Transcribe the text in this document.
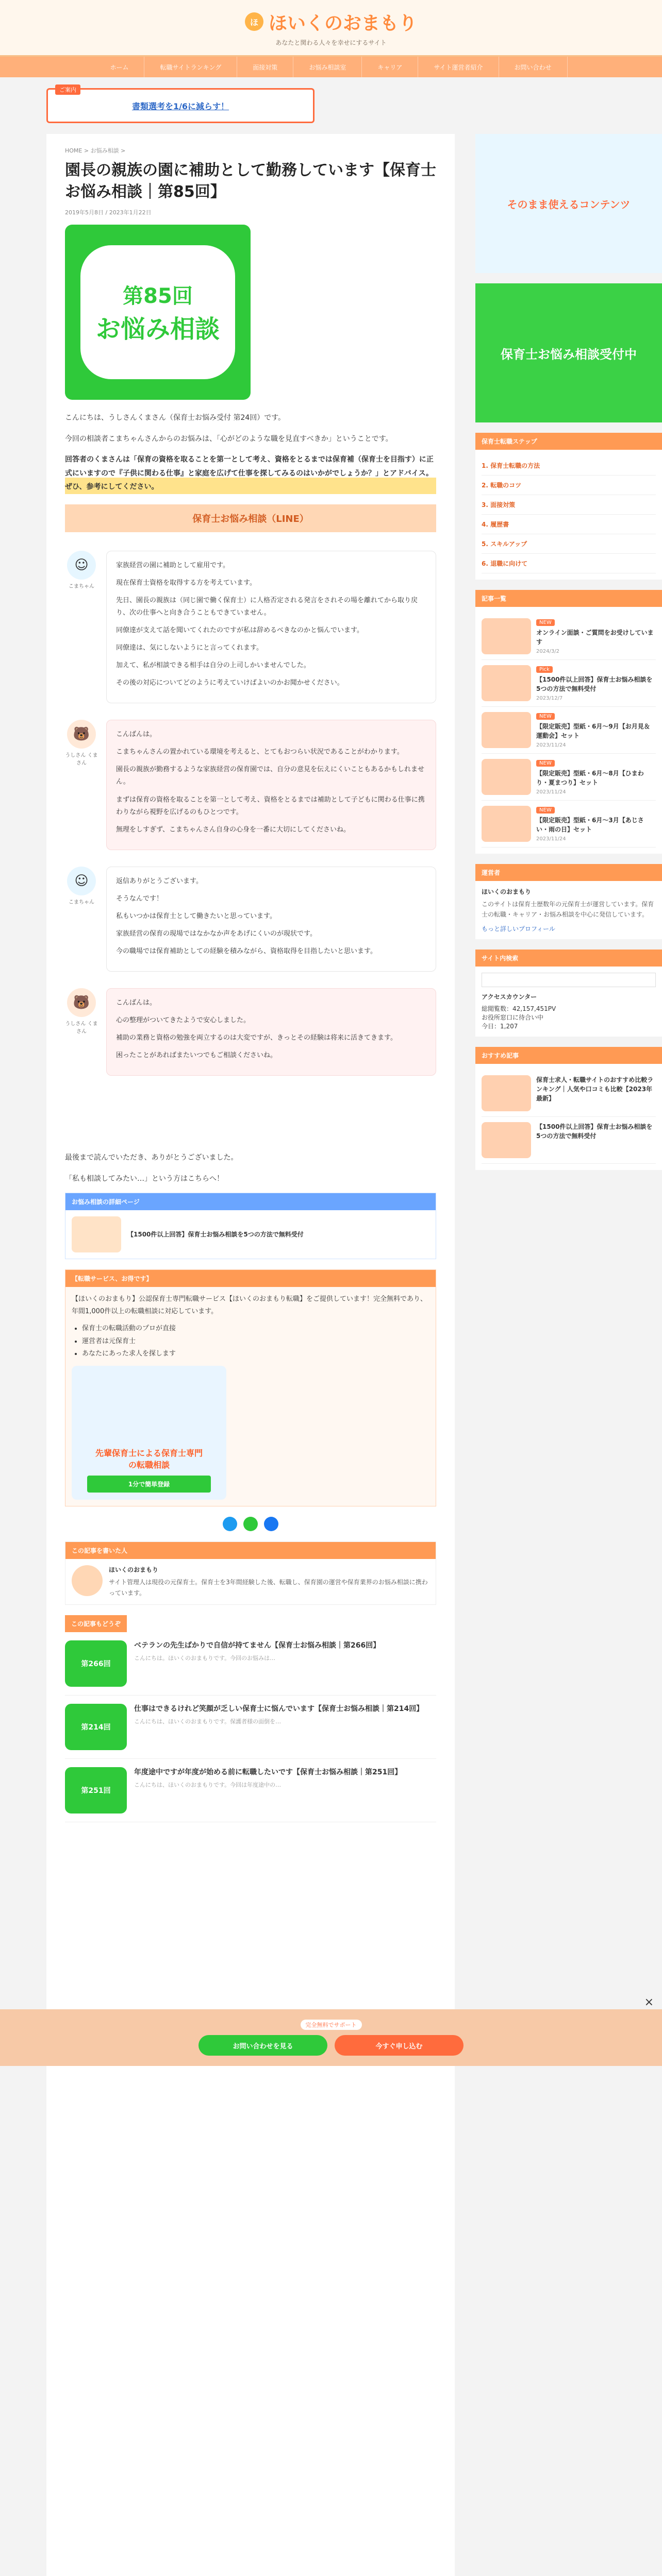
ほ ほいくのおまもり
あなたと関わる人々を幸せにするサイト
ホーム	転職サイトランキング	面接対策	お悩み相談室	キャリア	サイト運営者紹介	お問い合わせ
ご案内
書類選考を1/6に減らす！
HOME > お悩み相談 >
園長の親族の園に補助として勤務しています【保育士お悩み相談｜第85回】
2019年5月8日 / 2023年1月22日
第85回
お悩み相談

こんにちは、うしさんくまさん（保育士お悩み受付 第24回）です。

今回の相談者こまちゃんさんからのお悩みは、「心がどのような職を見直すべきか」ということです。

回答者のくまさんは「保育の資格を取ることを第一として考え、資格をとるまでは保育補（保育士を目指す）に正式にいますので『子供に関わる仕事』と家庭を広げて仕事を探してみるのはいかがでしょうか？」とアドバイス。ぜひ、参考にしてください。

保育士お悩み相談（LINE）
☺
こまちゃん

家族経営の園に補助として雇用です。

現在保育士資格を取得する方を考えています。

先日、園長の親族は（同じ園で働く保育士）に人格否定される発言をされその場を離れてから取り戻り、次の仕事へと向き合うこともできていません。

同僚達が支えて話を聞いてくれたのですが私は辞めるべきなのかと悩んでいます。

同僚達は、気にしないようにと言ってくれます。

加えて、私が相談できる相手は自分の上司しかいませんでした。

その後の対応についてどのように考えていけばよいのかお聞かせください。

🐻
うしさん くまさん

こんばんは。

こまちゃんさんの置かれている環境を考えると、とてもおつらい状況であることがわかります。

園長の親族が勤務するような家族経営の保育園では、自分の意見を伝えにくいこともあるかもしれません。

まずは保育の資格を取ることを第一として考え、資格をとるまでは補助として子どもに関わる仕事に携わりながら視野を広げるのもひとつです。

無理をしすぎず、こまちゃんさん自身の心身を一番に大切にしてくださいね。

☺
こまちゃん

返信ありがとうございます。

そうなんです！

私もいつかは保育士として働きたいと思っています。

家族経営の保育の現場ではなかなか声をあげにくいのが現状です。

今の職場では保育補助としての経験を積みながら、資格取得を目指したいと思います。

🐻
うしさん くまさん

こんばんは。

心の整理がついてきたようで安心しました。

補助の業務と資格の勉強を両立するのは大変ですが、きっとその経験は将来に活きてきます。

困ったことがあればまたいつでもご相談くださいね。

最後まで読んでいただき、ありがとうございました。

「私も相談してみたい…」という方はこちらへ！

お悩み相談の詳細ページ
【1500件以上回答】保育士お悩み相談を5つの方法で無料受付
【転職サービス、お得です】

【ほいくのおまもり】公認保育士専門転職サービス【ほいくのおまもり転職】をご提供しています！完全無料であり、年間1,000件以上の転職相談に対応しています。

• 保育士の転職活動のプロが直接
• 運営者は元保育士
• あなたにあった求人を探します
先輩保育士による保育士専門
の転職相談
1分で簡単登録
この記事を書いた人
ほいくのおまもり
サイト管理人は現役の元保育士。保育士を3年間経験した後、転職し、保育園の運営や保育業界のお悩み相談に携わっています。
この記事もどうぞ
第266回
ベテランの先生ばかりで自信が持てません【保育士お悩み相談｜第266回】
こんにちは。ほいくのおまもりです。今回のお悩みは…
第214回
仕事はできるけれど笑顔が乏しい保育士に悩んでいます【保育士お悩み相談｜第214回】
こんにちは、ほいくのおまもりです。保護者様の面倒を…
第251回
年度途中ですが年度が始める前に転職したいです【保育士お悩み相談｜第251回】
こんにちは、ほいくのおまもりです。今回は年度途中の…
そのまま使えるコンテンツ
保育士お悩み相談受付中
保育士転職ステップ
1. 保育士転職の方法
2. 転職のコツ
3. 面接対策
4. 履歴書
5. スキルアップ
6. 退職に向けて
記事一覧
NEW
オンライン面談・ご質問をお受けしています
2024/3/2
Pick
【1500件以上回答】保育士お悩み相談を5つの方法で無料受付
2023/12/7
NEW
【限定販売】型紙・6月〜9月【お月見＆運動会】セット
2023/11/24
NEW
【限定販売】型紙・6月〜8月【ひまわり・夏まつり】セット
2023/11/24
NEW
【限定販売】型紙・6月〜3月【あじさい・雨の日】セット
2023/11/24
運営者
ほいくのおまもり
このサイトは保育士歴数年の元保育士が運営しています。保育士の転職・キャリア・お悩み相談を中心に発信しています。
もっと詳しいプロフィール
サイト内検索
アクセスカウンター
総閲覧数：42,157,451PV
お役所窓口に待合い中
今日：1,207
おすすめ記事
保育士求人・転職サイトのおすすめ比較ランキング｜人気や口コミも比較【2023年最新】
【1500件以上回答】保育士お悩み相談を5つの方法で無料受付
×
完全無料でサポート
お問い合わせを見る	今すぐ申し込む
